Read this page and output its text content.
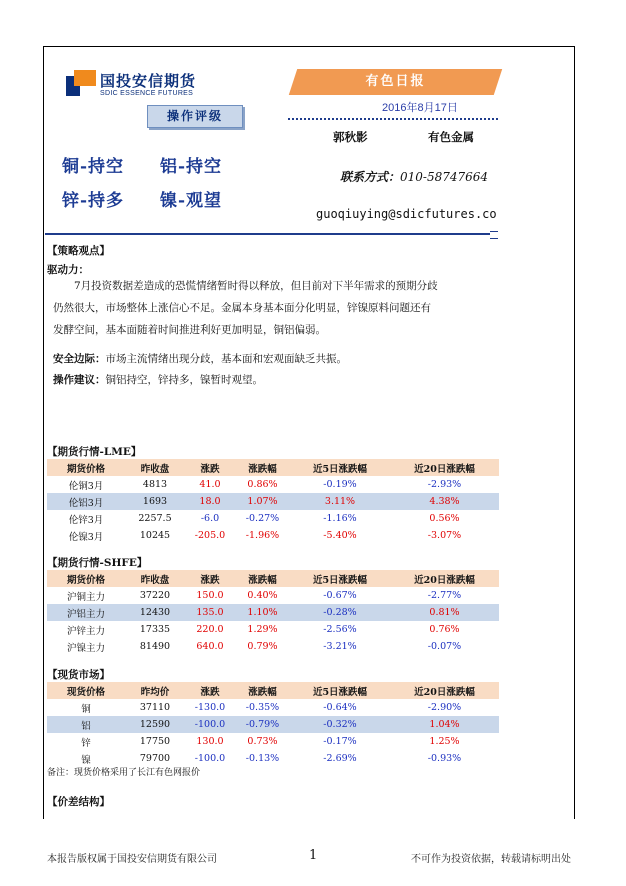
国投安信期货
SDIC ESSENCE FUTURES
操作评级
有色日报
2016年8月17日
郭秋影	有色金属
铜-持空 铝-持空
锌-持多 镍-观望
联系方式：010-58747664
guoqiuying@sdicfutures.co
【策略观点】
驱动力：
7月投资数据差造成的恐慌情绪暂时得以释放，但目前对下半年需求的预期分歧
仍然很大，市场整体上涨信心不足。金属本身基本面分化明显，锌镍原料问题还有
发酵空间，基本面随着时间推进利好更加明显，铜铝偏弱。
安全边际：市场主流情绪出现分歧，基本面和宏观面缺乏共振。
操作建议：铜铝持空，锌持多，镍暂时观望。
【期货行情-LME】
期货价格	昨收盘	涨跌	涨跌幅	近5日涨跌幅	近20日涨跌幅
伦铜3月	4813	41.0	0.86%	-0.19%	-2.93%
伦铝3月	1693	18.0	1.07%	3.11%	4.38%
伦锌3月	2257.5	-6.0	-0.27%	-1.16%	0.56%
伦镍3月	10245	-205.0	-1.96%	-5.40%	-3.07%
【期货行情-SHFE】
期货价格	昨收盘	涨跌	涨跌幅	近5日涨跌幅	近20日涨跌幅
沪铜主力	37220	150.0	0.40%	-0.67%	-2.77%
沪铝主力	12430	135.0	1.10%	-0.28%	0.81%
沪锌主力	17335	220.0	1.29%	-2.56%	0.76%
沪镍主力	81490	640.0	0.79%	-3.21%	-0.07%
【现货市场】
现货价格	昨均价	涨跌	涨跌幅	近5日涨跌幅	近20日涨跌幅
铜	37110	-130.0	-0.35%	-0.64%	-2.90%
铝	12590	-100.0	-0.79%	-0.32%	1.04%
锌	17750	130.0	0.73%	-0.17%	1.25%
镍	79700	-100.0	-0.13%	-2.69%	-0.93%
备注：现货价格采用了长江有色网报价
【价差结构】
本报告版权属于国投安信期货有限公司	1	不可作为投资依据，转载请标明出处
